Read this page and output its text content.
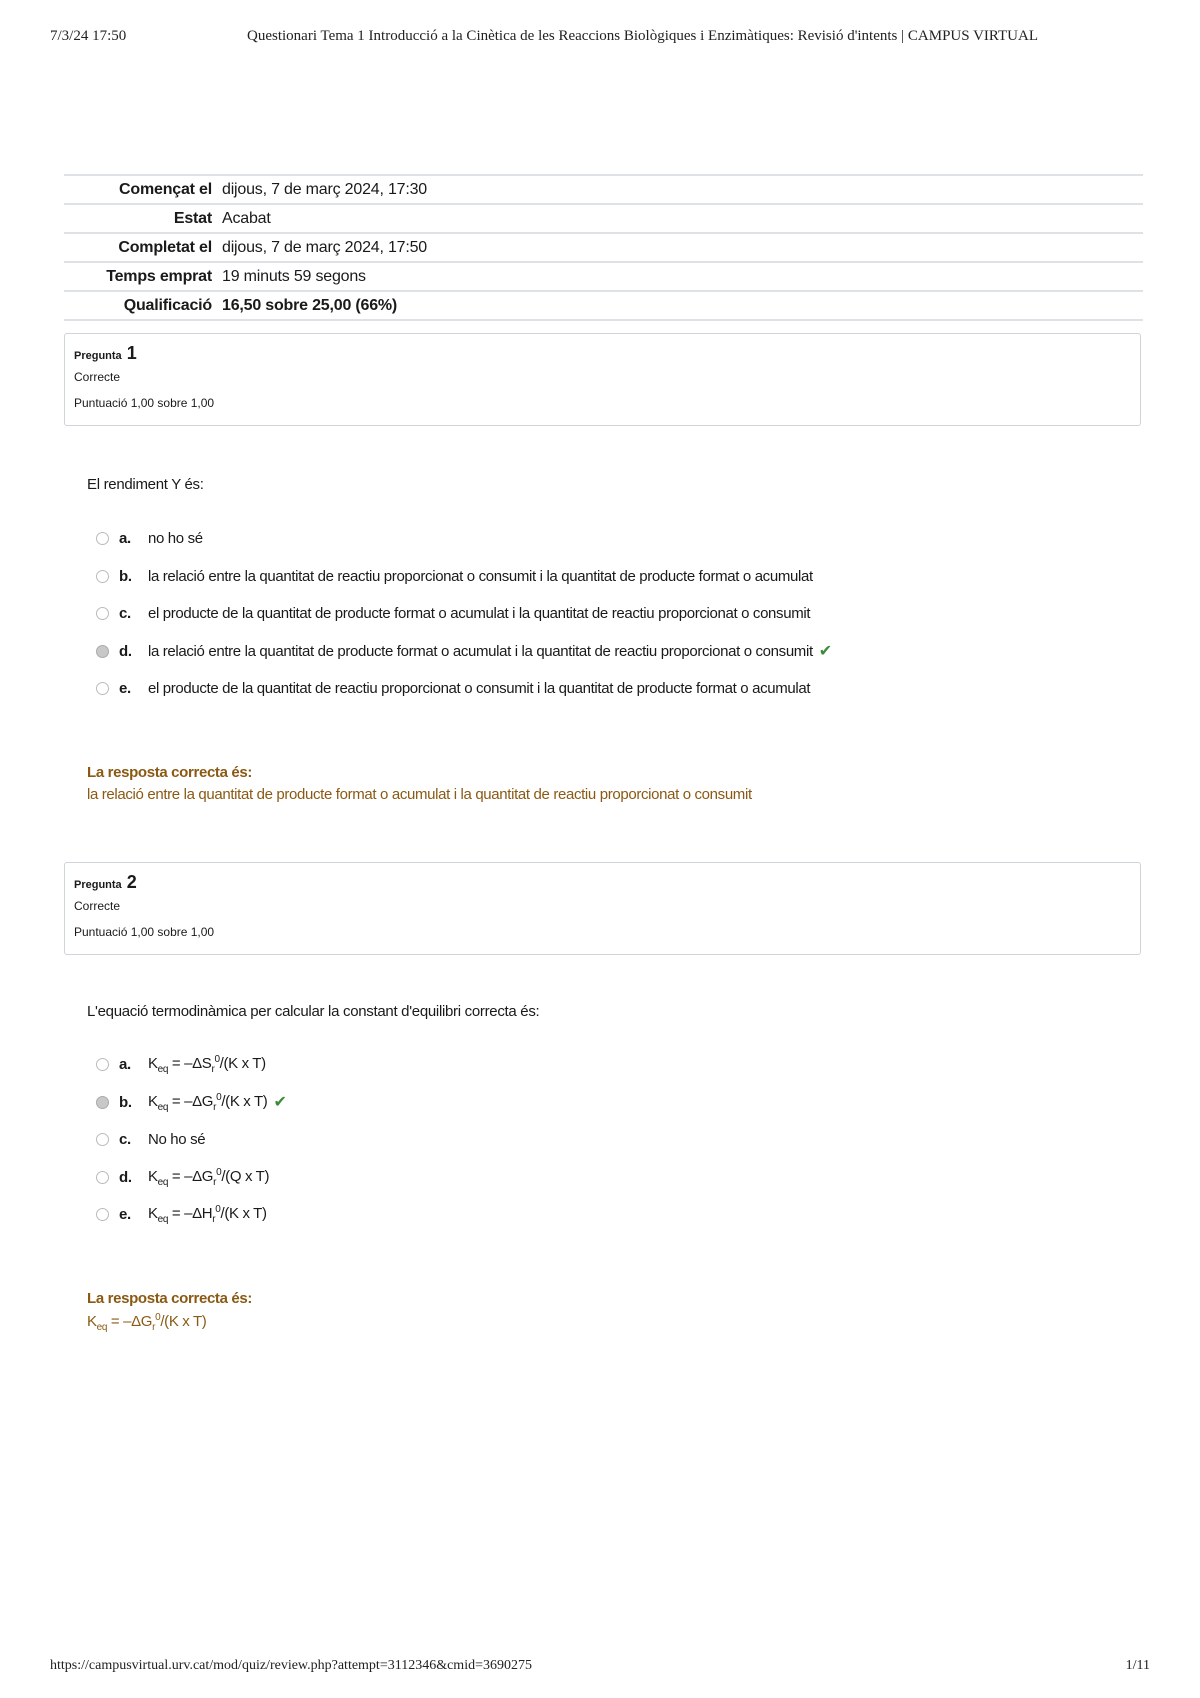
7/3/24 17:50	Questionari Tema 1 Introducció a la Cinètica de les Reaccions Biològiques i Enzimàtiques: Revisió d'intents | CAMPUS VIRTUAL
Començat el dijous, 7 de març 2024, 17:30
Estat Acabat
Completat el dijous, 7 de març 2024, 17:50
Temps emprat 19 minuts 59 segons
Qualificació 16,50 sobre 25,00 (66%)
Pregunta 1
Correcte
Puntuació 1,00 sobre 1,00
El rendiment Y és:
a.	no ho sé
b.	la relació entre la quantitat de reactiu proporcionat o consumit i la quantitat de producte format o acumulat
c.	el producte de la quantitat de producte format o acumulat i la quantitat de reactiu proporcionat o consumit
d.	la relació entre la quantitat de producte format o acumulat i la quantitat de reactiu proporcionat o consumit ✔
e.	el producte de la quantitat de reactiu proporcionat o consumit i la quantitat de producte format o acumulat
La resposta correcta és:
la relació entre la quantitat de producte format o acumulat i la quantitat de reactiu proporcionat o consumit
Pregunta 2
Correcte
Puntuació 1,00 sobre 1,00
L'equació termodinàmica per calcular la constant d'equilibri correcta és:
a.	$K_{eq} = -\Delta S_r^0/(K$ x T)
b.	$K_{eq} = -\Delta G_r^0/(K$ x T) ✔
c.	No ho sé
d.	$K_{eq} = -\Delta G_r^0/(Q$ x T)
e.	$K_{eq} = -\Delta H_r^0/(K$ x T)
La resposta correcta és:
$K_{eq} = -\Delta G_r^0/(K$ x T)
https://campusvirtual.urv.cat/mod/quiz/review.php?attempt=3112346&cmid=3690275	1/11
